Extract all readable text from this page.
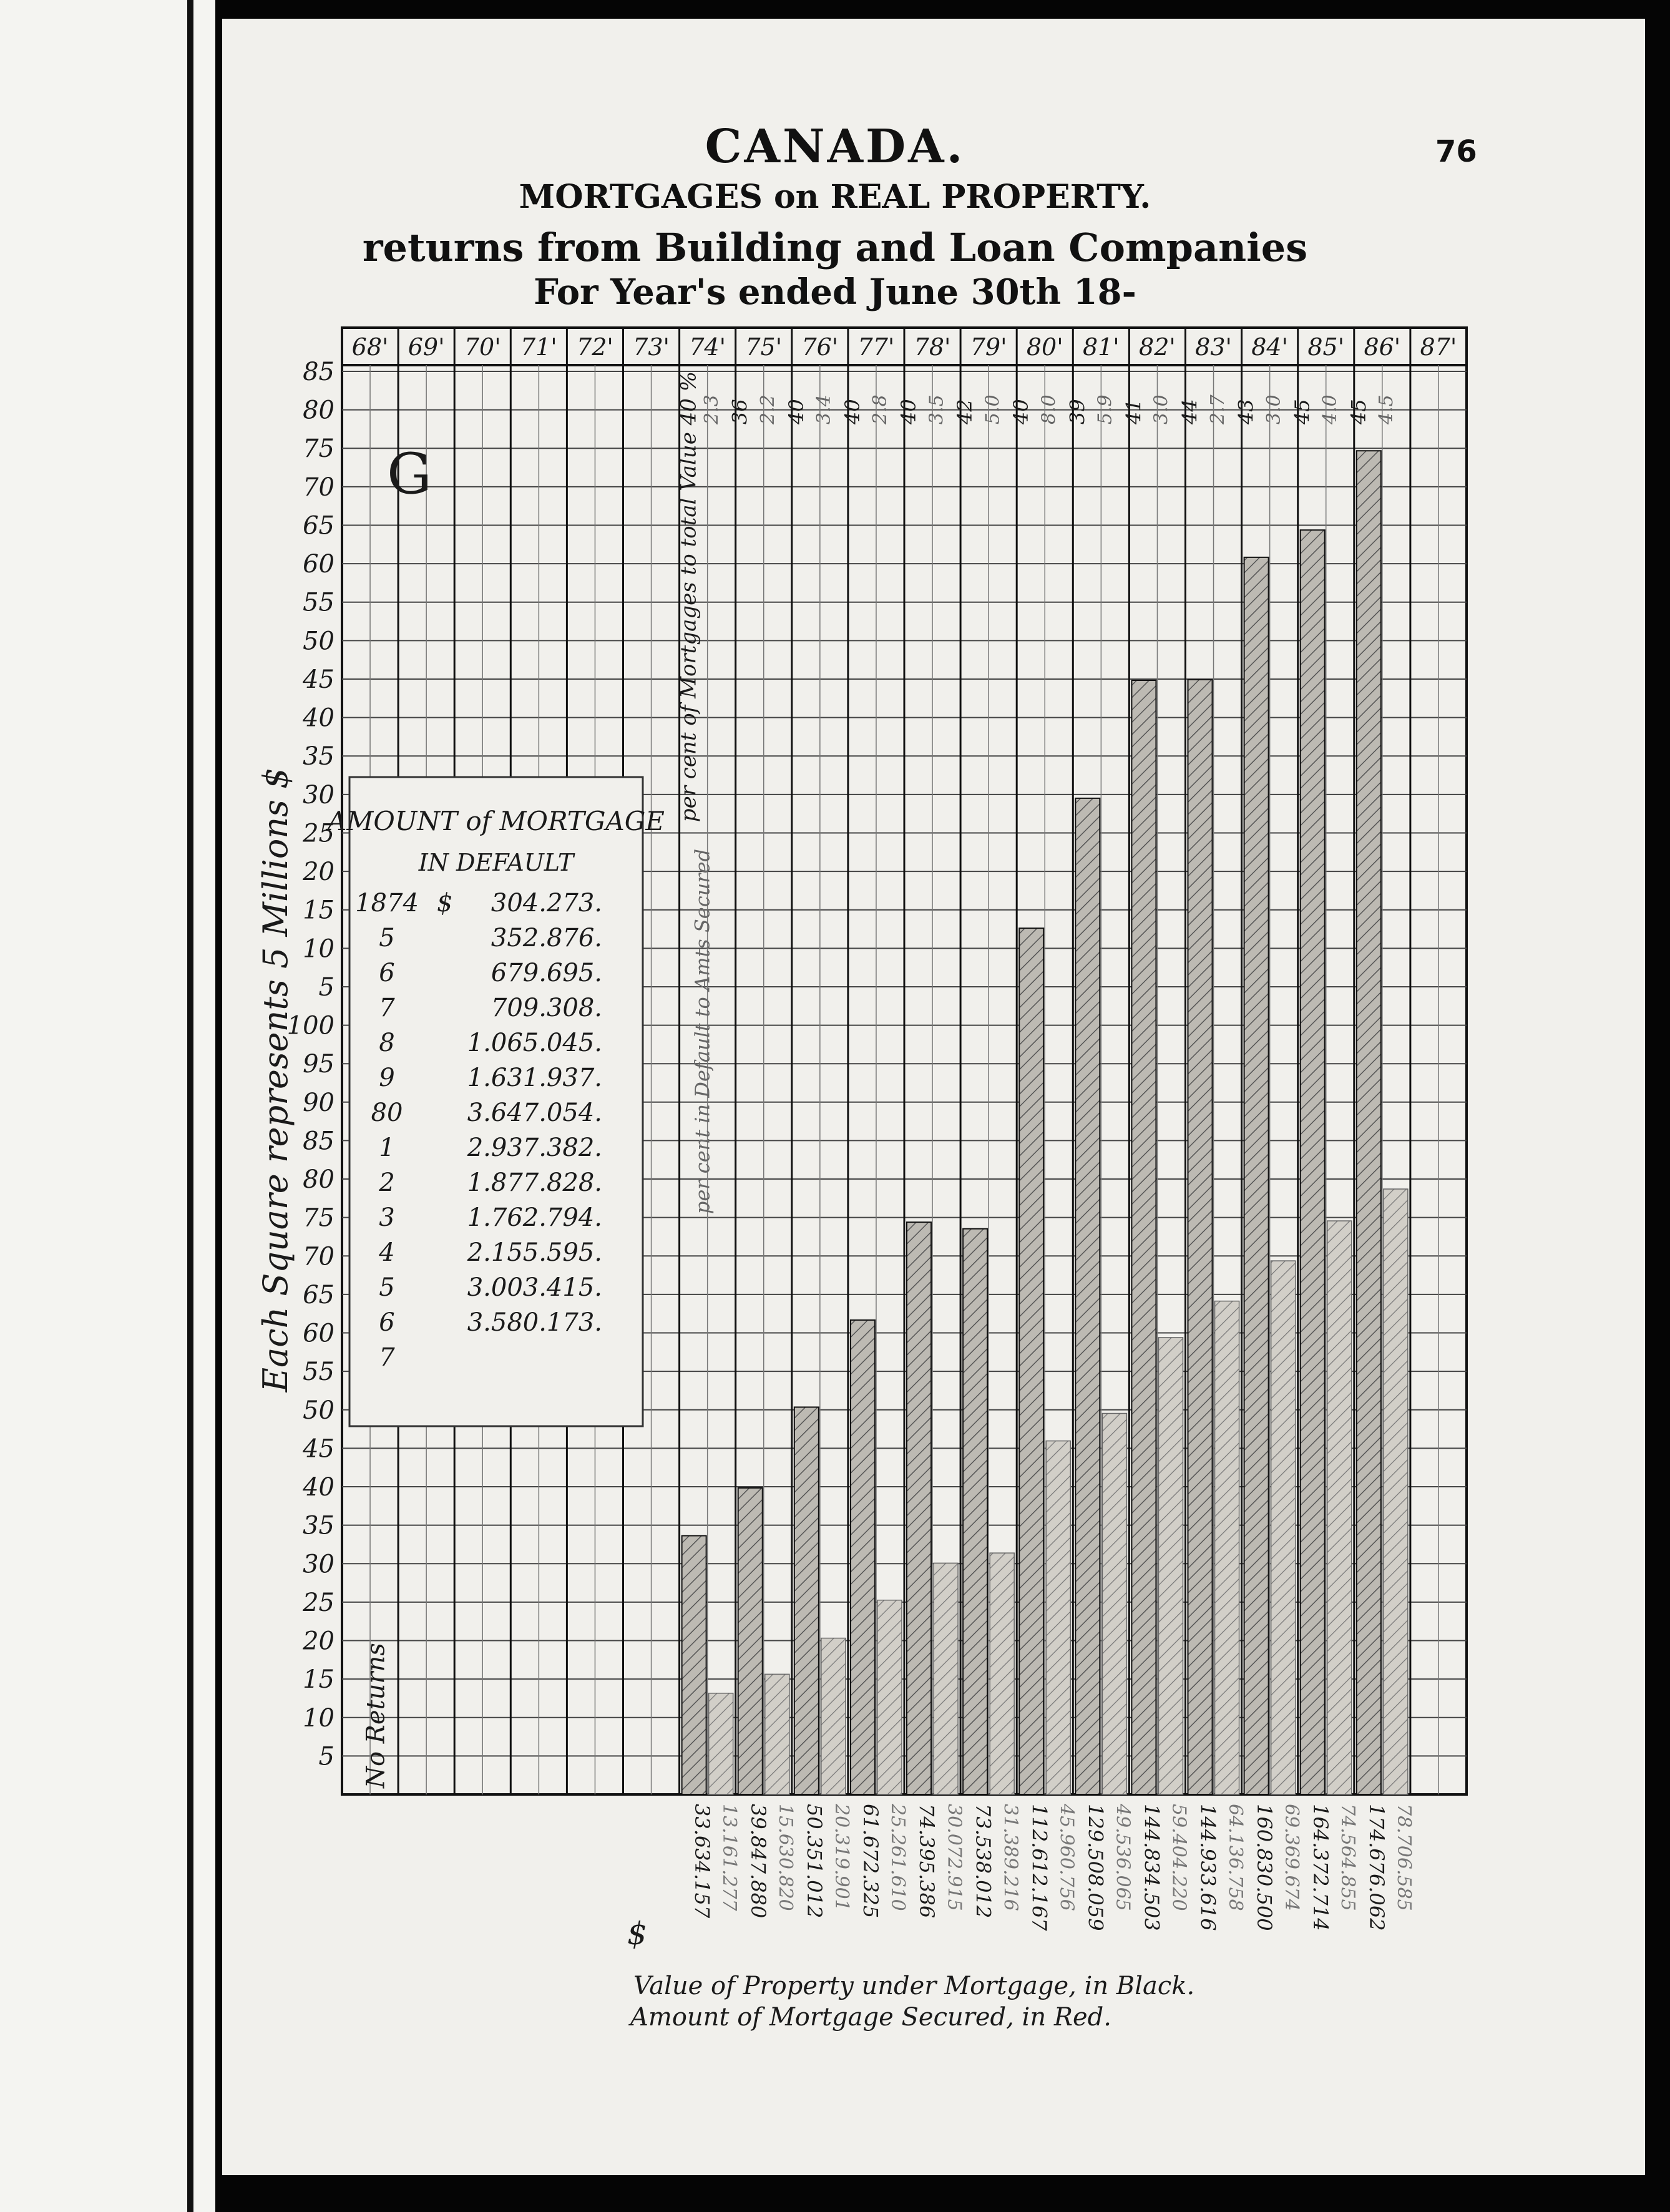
CANADA.
MORTGAGES on REAL PROPERTY.
returns from Building and Loan Companies
For Year's ended June 30th 18-
76
68' 69' 70' 71' 72' 73' 74' 75' 76' 77' 78' 79' 80' 81' 82' 83' 84' 85' 86' 87'
5
10
15
20
25
30
35
40
45
50
55
60
65
70
75
80
85
90
95
100
5
10
15
20
25
30
35
40
45
50
55
60
65
70
75
80
85
Each Square represents 5 Millions $
33.634.157 39.847.880 50.351.012 61.672.325 74.395.386 73.538.012 112.612.167 129.508.059 144.834.503 144.933.616 160.830.500 164.372.714 174.676.062
13.161.277 15.630.820 20.319.901 25.261.610 30.072.915 31.389.216 45.960.756 49.536.065 59.404.220 64.136.758 69.369.674 74.564.855 78.706.585
$
36 40 40 40 42 40 39 41 44 43 45 45
2.3 2.2 3.4 2.8 3.5 5.0 8.0 5.9 3.0 2.7 3.0 4.0 4.5
per cent of Mortgages to total Value 40 %
per cent in Default to Amts Secured
No Returns
G
Value of Property under Mortgage, in Black.
Amount of Mortgage Secured, in Red.
AMOUNT of MORTGAGE
IN DEFAULT
1874 $ 304.273.
5	352.876.
6	679.695.
7	709.308.
8	1.065.045.
9	1.631.937.
80	3.647.054.
1	2.937.382.
2	1.877.828.
3	1.762.794.
4	2.155.595.
5	3.003.415.
6	3.580.173.
7
